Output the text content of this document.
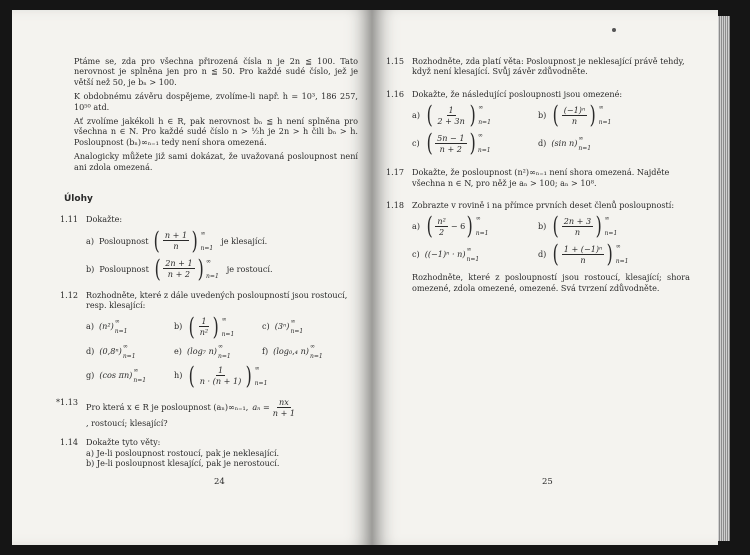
Ptáme se, zda pro všechna přirozená čísla n je 2n ≦ 100. Tato nerovnost je splněna jen pro n ≦ 50. Pro každé sudé číslo, jež je větší než 50, je bₙ > 100.

K obdobnému závěru dospějeme, zvolíme-li např. h = 10³, 186 257, 10⁵⁰ atd.

Ať zvolíme jakékoli h ∈ R, pak nerovnost bₙ ≦ h není splněna pro všechna n ∈ N. Pro každé sudé číslo n > ½h je 2n > h čili bₙ > h. Posloupnost (bₙ)∞ₙ₌₁ tedy není shora omezená.

Analogicky můžete již sami dokázat, že uvažovaná posloupnost není ani zdola omezená.

Úlohy
1.11 Dokažte:
a) Posloupnost ( $\frac{n + 1}{n}$ ) ∞
n=1
je klesající.
b) Posloupnost ( $\frac{2n + 1}{n + 2}$ ) ∞
n=1
je rostoucí.
1.12 Rozhodněte, které z dále uvedených posloupností jsou rostoucí, resp. klesající:
a) (n²) ∞
n=1
b) ( $\frac{1}{\text{n²}}$ ) ∞
n=1
c) (3ⁿ) ∞
n=1
d) (0,8ⁿ) ∞
n=1
e) (log₇ n) ∞
n=1
f) (log₀,₄ n) ∞
n=1
g) (cos πn) ∞
n=1
h) ( $\frac{1}{n \cdot (n + 1)}$ ) ∞
n=1
*1.13
Pro která x ∈ R je posloupnost (aₙ)∞ₙ₌₁, $a_n = \frac{nx}{n + 1}$
, rostoucí; klesající?
1.14 Dokažte tyto věty:
a) Je-li posloupnost rostoucí, pak je neklesající.
b) Je-li posloupnost klesající, pak je nerostoucí.
24
1.15 Rozhodněte, zda platí věta: Posloupnost je neklesající právě tehdy, když není klesající. Svůj závěr zdůvodněte.
1.16 Dokažte, že následující posloupnosti jsou omezené:
a) ( $\frac{1}{2 + 3n}$ ) ∞
n=1
b) ( $\frac{\text{(−1)ⁿ}}{n}$ ) ∞
n=1
c) ( $\frac{5n - 1}{n + 2}$ ) ∞
n=1
d) (sin n) ∞
n=1
1.17 Dokažte, že posloupnost (n²)∞ₙ₌₁ není shora omezená. Najděte všechna n ∈ N, pro něž je aₙ > 100; aₙ > 10⁸.
1.18 Zobrazte v rovině i na přímce prvních deset členů posloupností:
a) ( $\frac{\text{n²}}{2} - 6$ ) ∞
n=1
b) ( $\frac{2n + 3}{n}$ ) ∞
n=1
c) ((−1)ⁿ · n) ∞
n=1
d) ( $\frac{\text{1 + (−1)ⁿ}}{n}$ ) ∞
n=1

Rozhodněte, které z posloupností jsou rostoucí, klesající; shora omezené, zdola omezené, omezené. Svá tvrzení zdůvodněte.

25
